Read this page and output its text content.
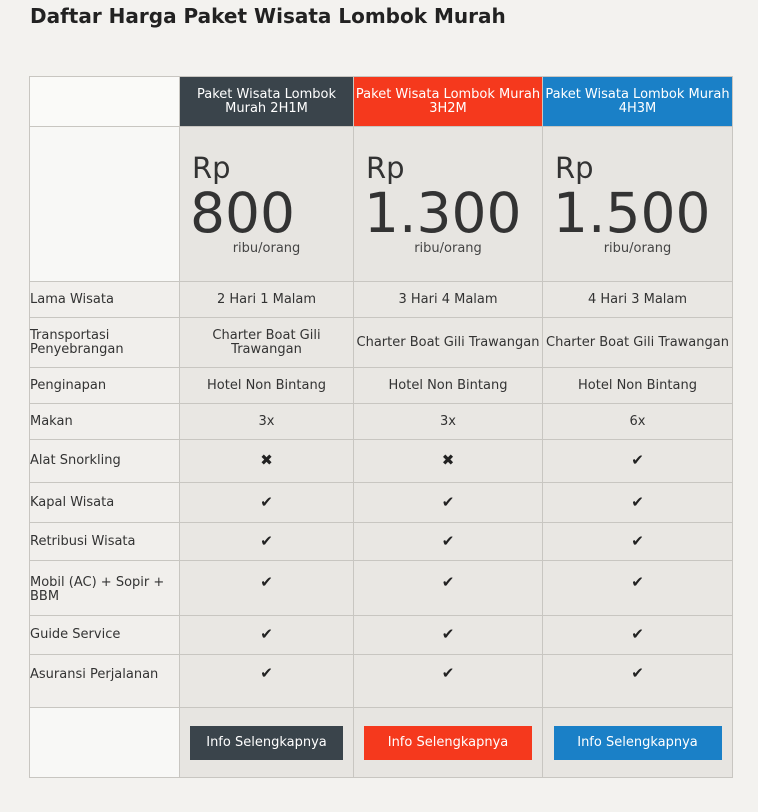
Daftar Harga Paket Wisata Lombok Murah
	Paket Wisata Lombok Murah 2H1M	Paket Wisata Lombok Murah 3H2M	Paket Wisata Lombok Murah 4H3M

	Rp
800
ribu/orang	Rp
1.300
ribu/orang	Rp
1.500
ribu/orang

Lama Wisata	2 Hari 1 Malam	3 Hari 4 Malam	4 Hari 3 Malam
Transportasi Penyebrangan	Charter Boat Gili Trawangan	Charter Boat Gili Trawangan	Charter Boat Gili Trawangan
Penginapan	Hotel Non Bintang	Hotel Non Bintang	Hotel Non Bintang
Makan	3x	3x	6x
Alat Snorkling	✖	✖	✔
Kapal Wisata	✔	✔	✔
Retribusi Wisata	✔	✔	✔
Mobil (AC) + Sopir + BBM	✔	✔	✔
Guide Service	✔	✔	✔
Asuransi Perjalanan	✔	✔	✔
	Info Selengkapnya	Info Selengkapnya	Info Selengkapnya
